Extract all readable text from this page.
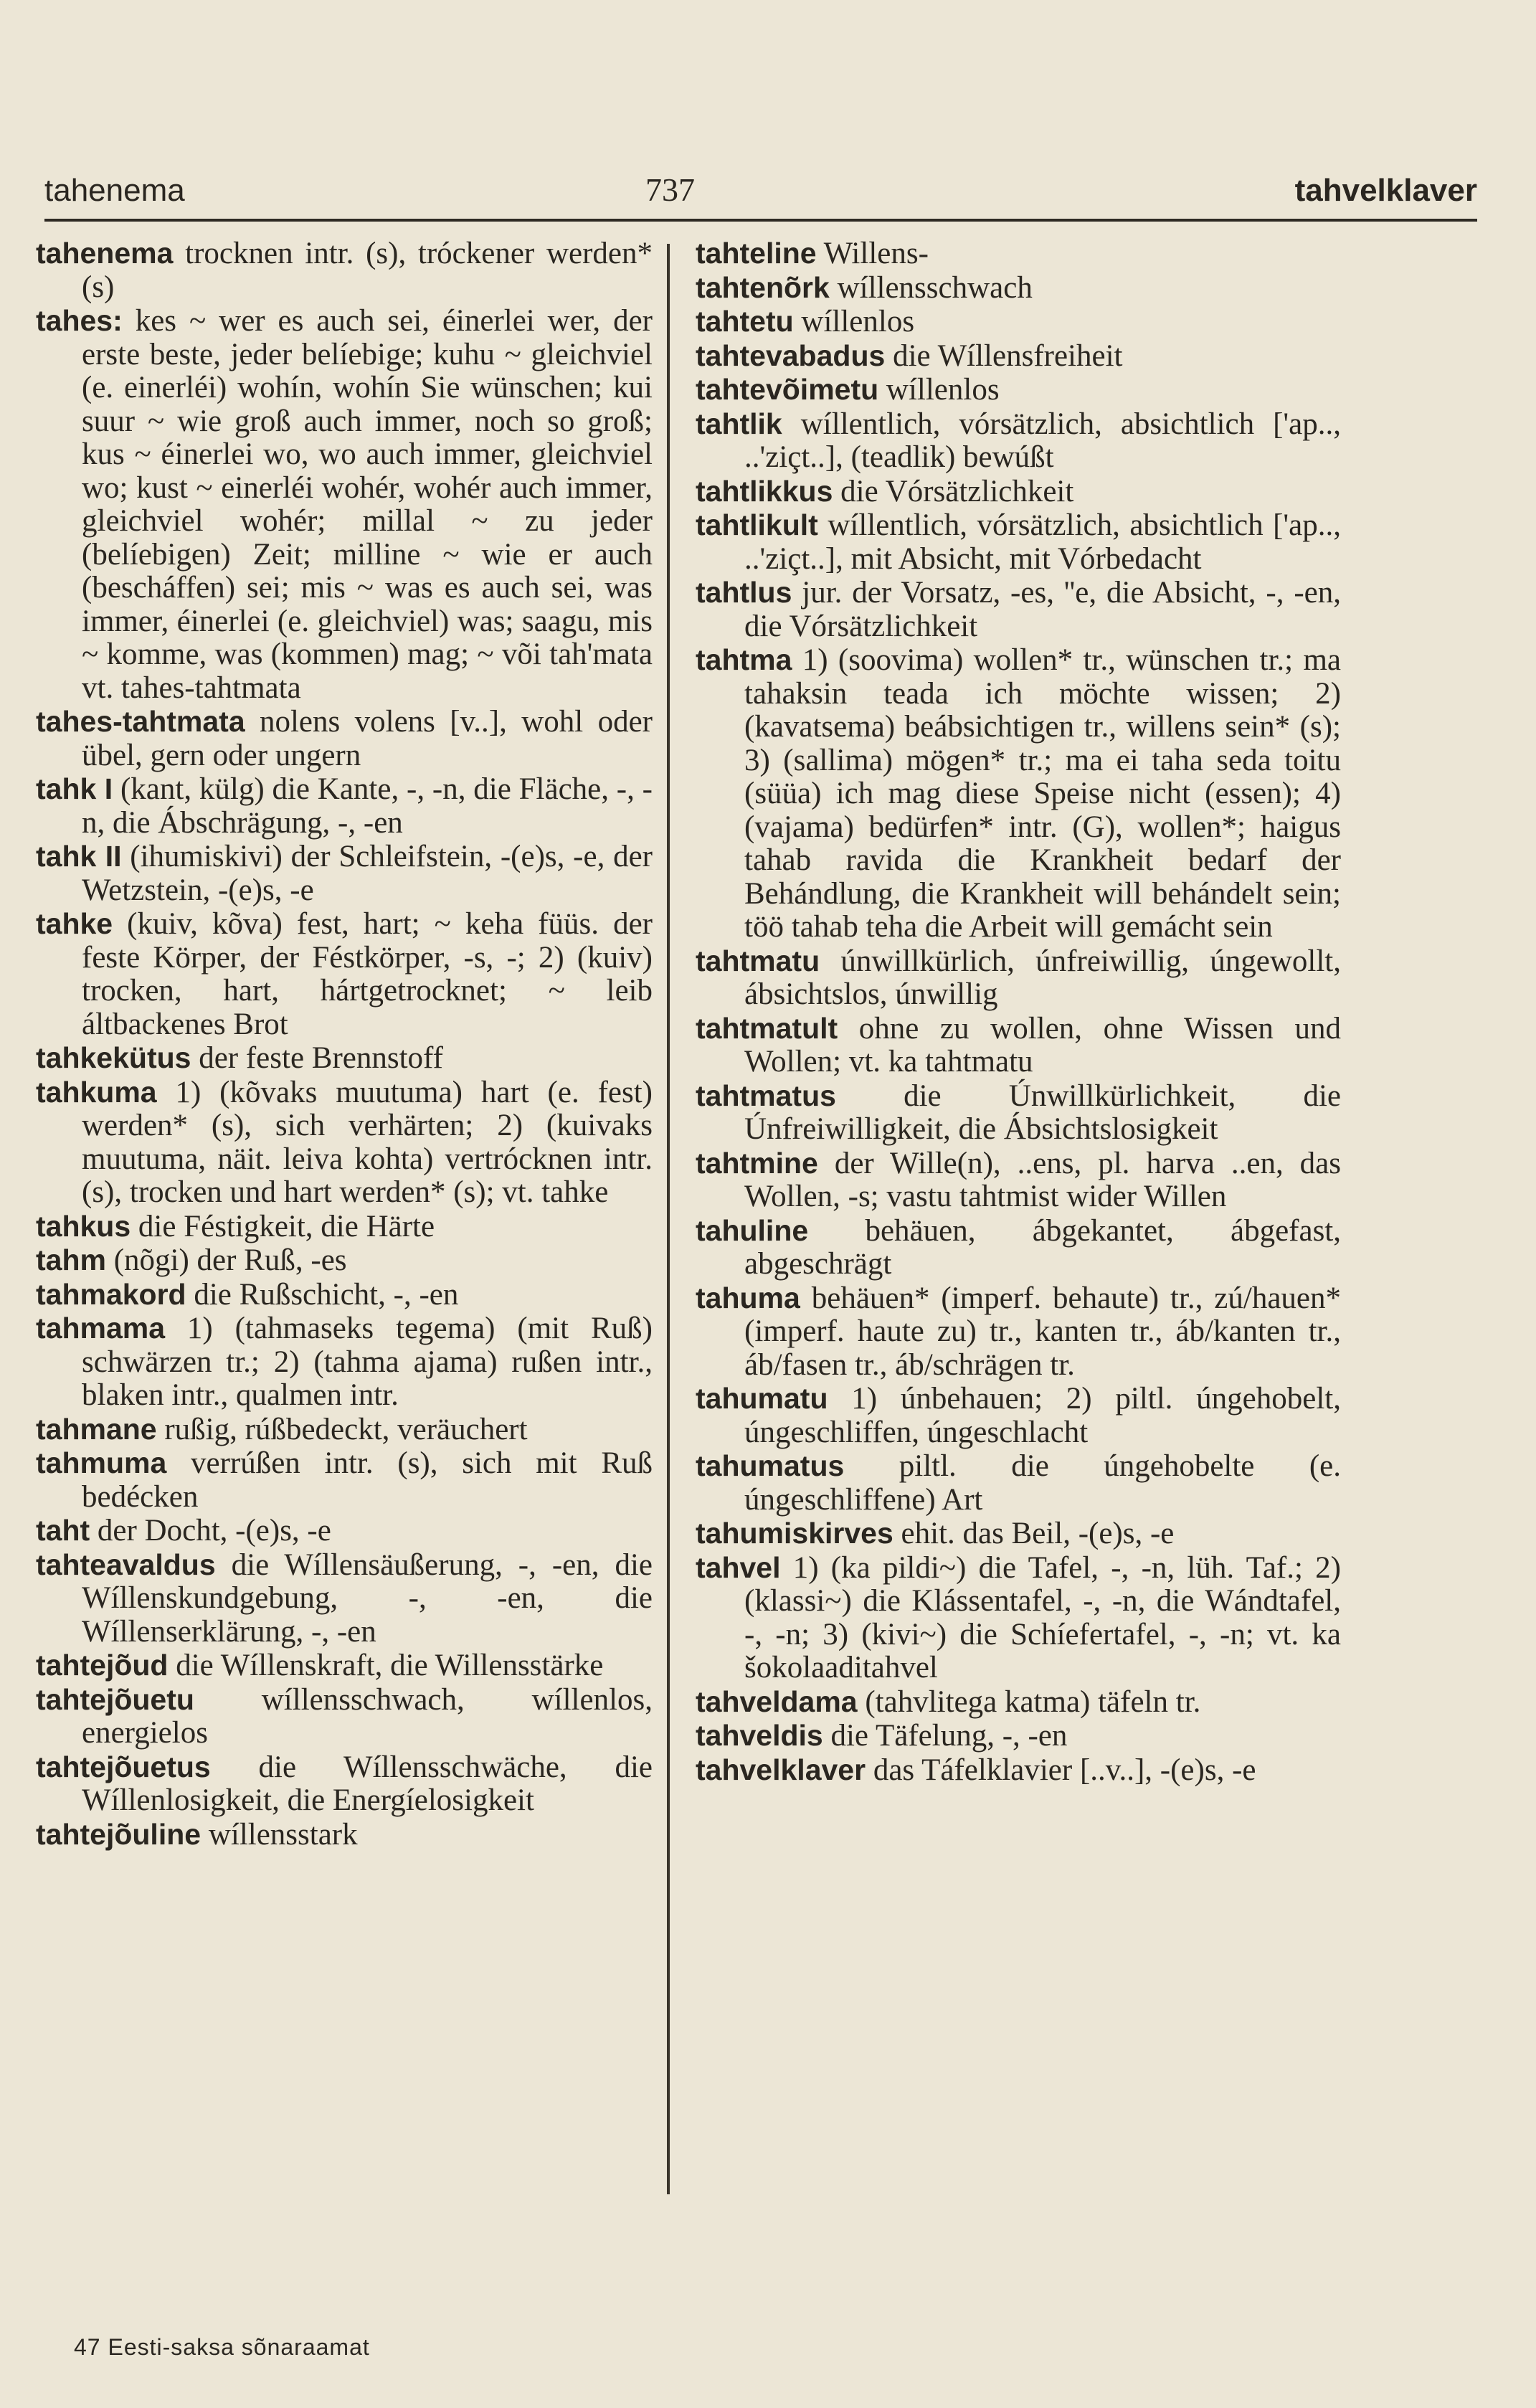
tahenema	737	tahvelklaver
tahenema trocknen intr. (s), tróckener werden* (s)
tahes: kes ~ wer es auch sei, éinerlei wer, der erste beste, jeder belíebige; kuhu ~ gleichviel (e. einerléi) wohín, wohín Sie wünschen; kui suur ~ wie groß auch immer, noch so groß; kus ~ éinerlei wo, wo auch immer, gleichviel wo; kust ~ einerléi wohér, wohér auch immer, gleichviel wohér; millal ~ zu jeder (belíebigen) Zeit; milline ~ wie er auch (bescháffen) sei; mis ~ was es auch sei, was immer, éinerlei (e. gleichviel) was; saagu, mis ~ komme, was (kommen) mag; ~ või tah'mata vt. tahes-tahtmata
tahes-tahtmata nolens volens [v..], wohl oder übel, gern oder ungern
tahk I (kant, külg) die Kante, -, -n, die Fläche, -, -n, die Ábschrägung, -, -en
tahk II (ihumiskivi) der Schleifstein, -(e)s, -e, der Wetzstein, -(e)s, -e
tahke (kuiv, kõva) fest, hart; ~ keha füüs. der feste Körper, der Féstkörper, -s, -; 2) (kuiv) trocken, hart, hártgetrocknet; ~ leib áltbackenes Brot
tahkekütus der feste Brennstoff
tahkuma 1) (kõvaks muutuma) hart (e. fest) werden* (s), sich verhärten; 2) (kuivaks muutuma, näit. leiva kohta) vertrócknen intr. (s), trocken und hart werden* (s); vt. tahke
tahkus die Féstigkeit, die Härte
tahm (nõgi) der Ruß, -es
tahmakord die Rußschicht, -, -en
tahmama 1) (tahmaseks tegema) (mit Ruß) schwärzen tr.; 2) (tahma ajama) rußen intr., blaken intr., qualmen intr.
tahmane rußig, rúßbedeckt, veräuchert
tahmuma verrúßen intr. (s), sich mit Ruß bedécken
taht der Docht, -(e)s, -e
tahteavaldus die Wíllensäußerung, -, -en, die Wíllenskundgebung, -, -en, die Wíllenserklärung, -, -en
tahtejõud die Wíllenskraft, die Willensstärke
tahtejõuetu wíllensschwach, wíllenlos, energielos
tahtejõuetus die Wíllensschwäche, die Wíllenlosigkeit, die Energíelosigkeit
tahtejõuline wíllensstark
tahteline Willens-
tahtenõrk wíllensschwach
tahtetu wíllenlos
tahtevabadus die Wíllensfreiheit
tahtevõimetu wíllenlos
tahtlik wíllentlich, vórsätzlich, absichtlich ['ap.., ..'ziçt..], (teadlik) bewúßt
tahtlikkus die Vórsätzlichkeit
tahtlikult wíllentlich, vórsätzlich, absichtlich ['ap.., ..'ziçt..], mit Absicht, mit Vórbedacht
tahtlus jur. der Vorsatz, -es, ''e, die Absicht, -, -en, die Vórsätzlichkeit
tahtma 1) (soovima) wollen* tr., wünschen tr.; ma tahaksin teada ich möchte wissen; 2) (kavatsema) beábsichtigen tr., willens sein* (s); 3) (sallima) mögen* tr.; ma ei taha seda toitu (süüa) ich mag diese Speise nicht (essen); 4) (vajama) bedürfen* intr. (G), wollen*; haigus tahab ravida die Krankheit bedarf der Behándlung, die Krankheit will behándelt sein; töö tahab teha die Arbeit will gemácht sein
tahtmatu únwillkürlich, únfreiwillig, úngewollt, ábsichtslos, únwillig
tahtmatult ohne zu wollen, ohne Wissen und Wollen; vt. ka tahtmatu
tahtmatus die Únwillkürlichkeit, die Únfreiwilligkeit, die Ábsichtslosigkeit
tahtmine der Wille(n), ..ens, pl. harva ..en, das Wollen, -s; vastu tahtmist wider Willen
tahuline behäuen, ábgekantet, ábgefast, abgeschrägt
tahuma behäuen* (imperf. behaute) tr., zú/hauen* (imperf. haute zu) tr., kanten tr., áb/kanten tr., áb/fasen tr., áb/schrägen tr.
tahumatu 1) únbehauen; 2) piltl. úngehobelt, úngeschliffen, úngeschlacht
tahumatus piltl. die úngehobelte (e. úngeschliffene) Art
tahumiskirves ehit. das Beil, -(e)s, -e
tahvel 1) (ka pildi~) die Tafel, -, -n, lüh. Taf.; 2) (klassi~) die Klássentafel, -, -n, die Wándtafel, -, -n; 3) (kivi~) die Schíefertafel, -, -n; vt. ka šokolaaditahvel
tahveldama (tahvlitega katma) täfeln tr.
tahveldis die Täfelung, -, -en
tahvelklaver das Táfelklavier [..v..], -(e)s, -e
47 Eesti-saksa sõnaraamat
